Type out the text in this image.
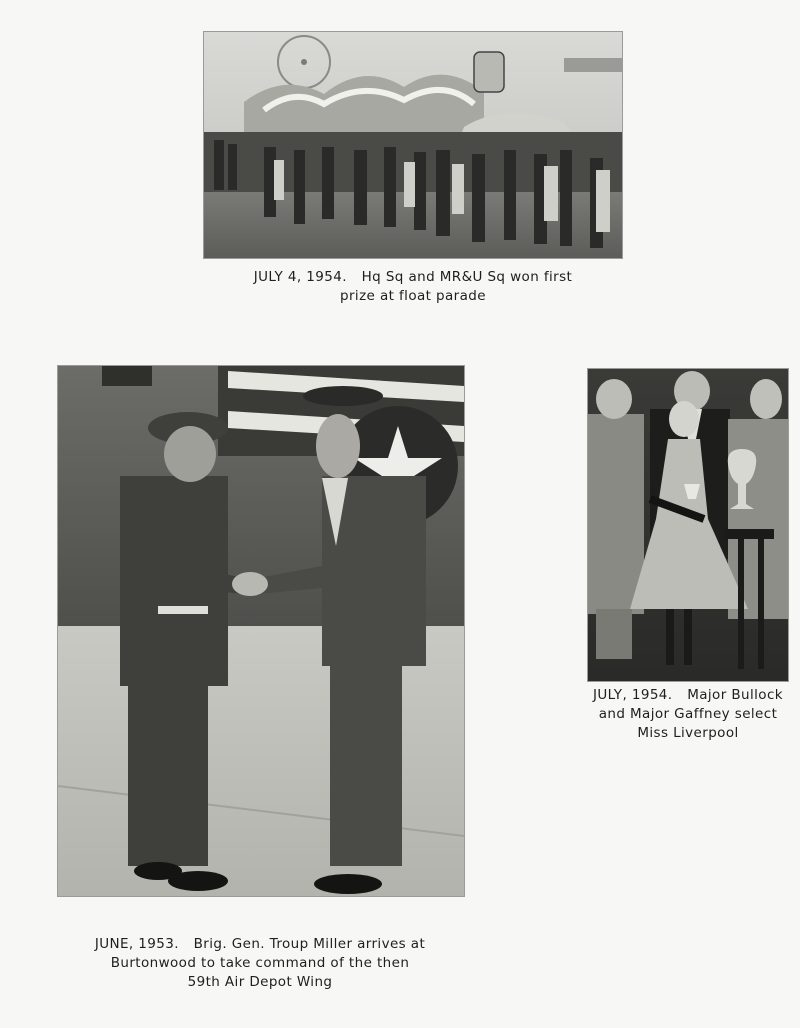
JULY 4, 1954. Hq Sq and MR&U Sq won first
prize at float parade
JUNE, 1953. Brig. Gen. Troup Miller arrives at
Burtonwood to take command of the then
59th Air Depot Wing
JULY, 1954. Major Bullock
and Major Gaffney select
Miss Liverpool
